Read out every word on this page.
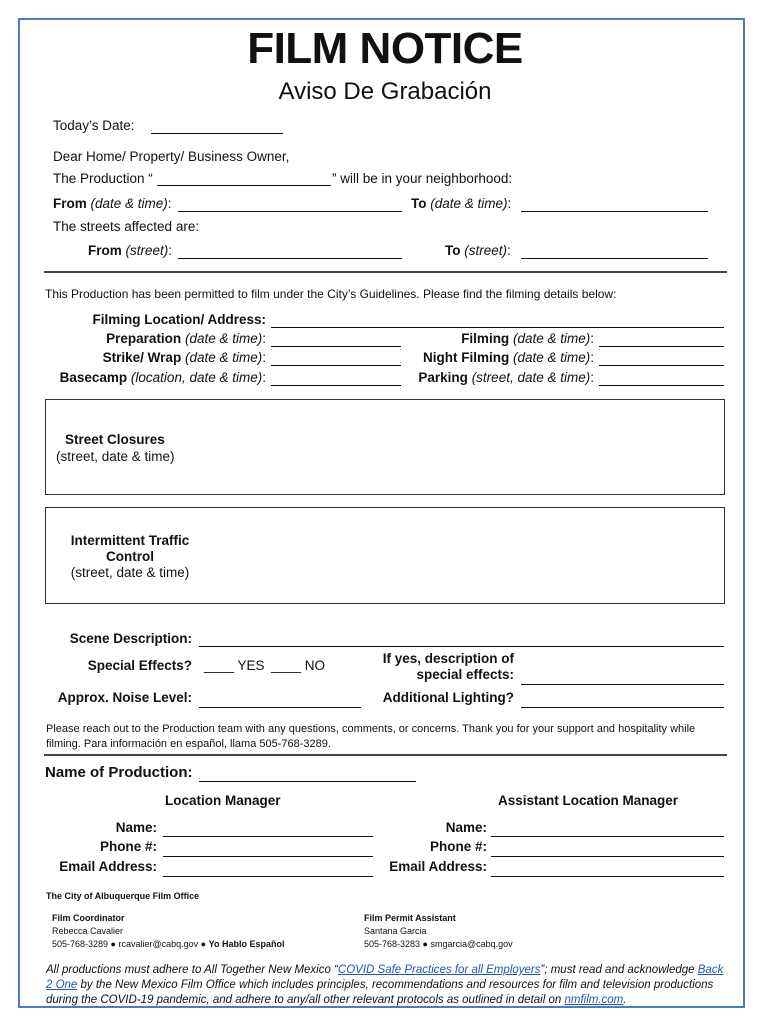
FILM NOTICE
Aviso De Grabación
Today’s Date:
Dear Home/ Property/ Business Owner,
The Production “	” will be in your neighborhood:
From (date & time):	To (date & time):
The streets affected are:
From (street):	To (street):
This Production has been permitted to film under the City’s Guidelines. Please find the filming details below:
Filming Location/ Address:
Preparation (date & time):	Filming (date & time):
Strike/ Wrap (date & time):	Night Filming (date & time):
Basecamp (location, date & time):	Parking (street, date & time):
Street Closures
(street, date & time)
Intermittent Traffic
Control
(street, date & time)
Scene Description:
Special Effects? ____ YES ____ NO	If yes, description of
special effects:
Approx. Noise Level:	Additional Lighting?
Please reach out to the Production team with any questions, comments, or concerns. Thank you for your support and hospitality while filming. Para información en español, llama 505-768-3289.
Name of Production:
Location Manager	Assistant Location Manager
Name:	Name:
Phone #:	Phone #:
Email Address:	Email Address:
The City of Albuquerque Film Office
Film Coordinator
Rebecca Cavalier
505-768-3289 ● rcavalier@cabq.gov ● Yo Hablo Español
Film Permit Assistant
Santana Garcia
505-768-3283 ● smgarcia@cabq.gov
All productions must adhere to All Together New Mexico “COVID Safe Practices for all Employers”; must read and acknowledge Back 2 One by the New Mexico Film Office which includes principles, recommendations and resources for film and television productions during the COVID-19 pandemic, and adhere to any/all other relevant protocols as outlined in detail on nmfilm.com.
